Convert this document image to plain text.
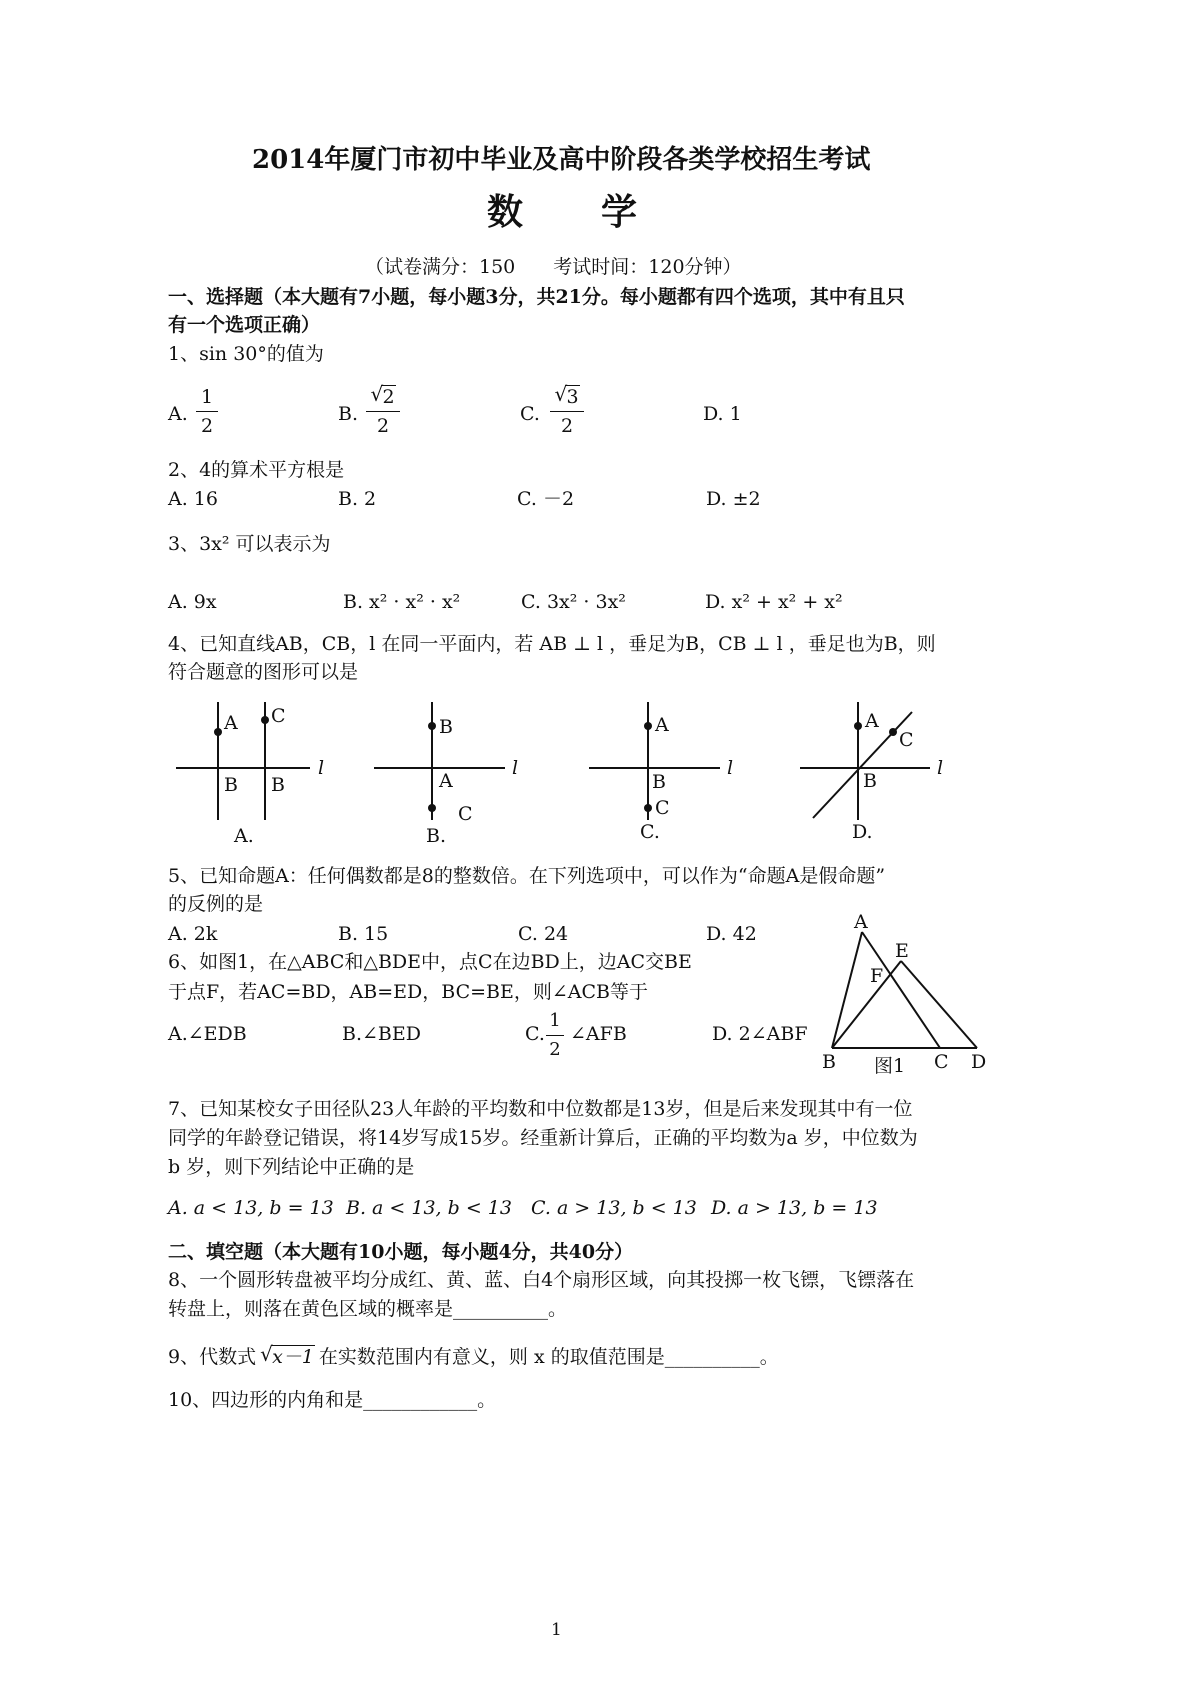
2014年厦门市初中毕业及高中阶段各类学校招生考试
数　　学
（试卷满分：150　　考试时间：120分钟）
一、选择题（本大题有7小题，每小题3分，共21分。每小题都有四个选项，其中有且只
有一个选项正确）
1、sin 30°的值为
A.
1
2
B.
√ 2
2
C.
√ 3
2
D. 1
2、4的算术平方根是
A. 16	B. 2	C. －2	D. ±2
3、3x² 可以表示为
A. 9x	B. x² · x² · x²	C. 3x² · 3x²	D. x² + x² + x²
4、已知直线AB，CB，l 在同一平面内，若 AB ⊥ l ，垂足为B，CB ⊥ l ，垂足也为B，则
符合题意的图形可以是
A C
B B
l
A.
B
A
C
l
B.
A
B
C
l
C.
A
C
B
l
D.
A
E
F
B	C D
图1
5、已知命题A：任何偶数都是8的整数倍。在下列选项中，可以作为“命题A是假命题”
的反例的是
A. 2k	B. 15	C. 24	D. 42
6、如图1，在△ABC和△BDE中，点C在边BD上，边AC交BE
于点F，若AC=BD，AB=ED，BC=BE，则∠ACB等于
A.∠EDB	B.∠BED	C.
1
2
∠AFB	D. 2∠ABF
7、已知某校女子田径队23人年龄的平均数和中位数都是13岁，但是后来发现其中有一位
同学的年龄登记错误，将14岁写成15岁。经重新计算后，正确的平均数为a 岁，中位数为
b 岁，则下列结论中正确的是
A. a < 13, b = 13 B. a < 13, b < 13 C. a > 13, b < 13 D. a > 13, b = 13
二、填空题（本大题有10小题，每小题4分，共40分）
8、一个圆形转盘被平均分成红、黄、蓝、白4个扇形区域，向其投掷一枚飞镖，飞镖落在
转盘上，则落在黄色区域的概率是__________。
9、代数式 √ x－1 在实数范围内有意义，则 x 的取值范围是__________。
10、四边形的内角和是____________。
1
